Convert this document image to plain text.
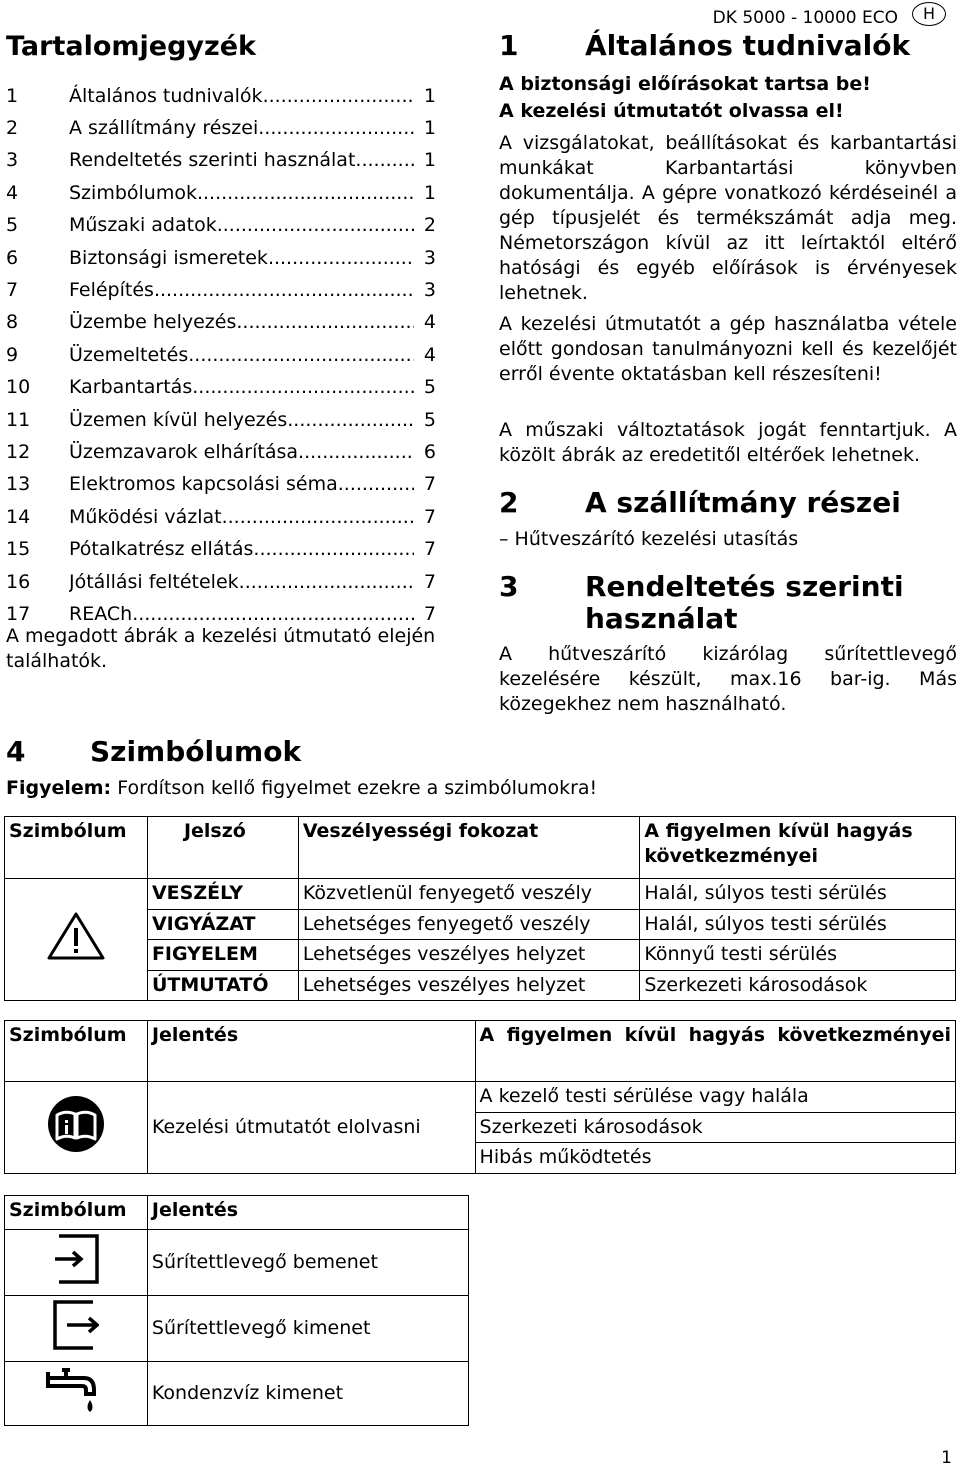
DK 5000 - 10000 ECO	H
Tartalomjegyzék
1	Általános tudnivalók .....	1
2	A szállítmány részei .....	1
3	Rendeltetés szerinti használat .....	1
4	Szimbólumok .....	1
5	Műszaki adatok .....	2
6	Biztonsági ismeretek .....	3
7	Felépítés .....	3
8	Üzembe helyezés .....	4
9	Üzemeltetés .....	4
10	Karbantartás .....	5
11	Üzemen kívül helyezés .....	5
12	Üzemzavarok elhárítása .....	6
13	Elektromos kapcsolási séma. .....	7
14	Működési vázlat .....	7
15	Pótalkatrész ellátás .....	7
16	Jótállási feltételek .....	7
17	REACh .....	7
A megadott ábrák a kezelési útmutató elején találhatók.
1	Általános tudnivalók
A biztonsági előírásokat tartsa be!
A kezelési útmutatót olvassa el!
A vizsgálatokat, beállításokat és karbantartási munkákat Karbantartási könyvben dokumentálja. A gépre vonatkozó kérdéseinél a gép típusjelét és termékszámát adja meg. Németországon kívül az itt leírtaktól eltérő hatósági és egyéb előírások is érvényesek lehetnek.
A kezelési útmutatót a gép használatba vétele előtt gondosan tanulmányozni kell és kezelőjét erről évente oktatásban kell részesíteni!
A műszaki változtatások jogát fenntartjuk. A közölt ábrák az eredetitől eltérőek lehetnek.
2	A szállítmány részei
– Hűtveszárító kezelési utasítás
3	Rendeltetés szerinti
használat
A hűtveszárító kizárólag sűrítettlevegő kezelésére készült, max.16 bar-ig. Más közegekhez nem használható.
4	Szimbólumok
Figyelem: Fordítson kellő figyelmet ezekre a szimbólumokra!
Szimbólum	Jelszó	Veszélyességi fokozat	A figyelmen kívül hagyás következményei
	VESZÉLY	Közvetlenül fenyegető veszély	Halál, súlyos testi sérülés
	VIGYÁZAT	Lehetséges fenyegető veszély	Halál, súlyos testi sérülés
	FIGYELEM	Lehetséges veszélyes helyzet	Könnyű testi sérülés
	ÚTMUTATÓ	Lehetséges veszélyes helyzet	Szerkezeti károsodások
Szimbólum	Jelentés	A figyelmen kívül hagyás következményei
	Kezelési útmutatót elolvasni	A kezelő testi sérülése vagy halála
		Szerkezeti károsodások
		Hibás működtetés
Szimbólum	Jelentés
	Sűrítettlevegő bemenet
	Sűrítettlevegő kimenet
	Kondenzvíz kimenet
1
